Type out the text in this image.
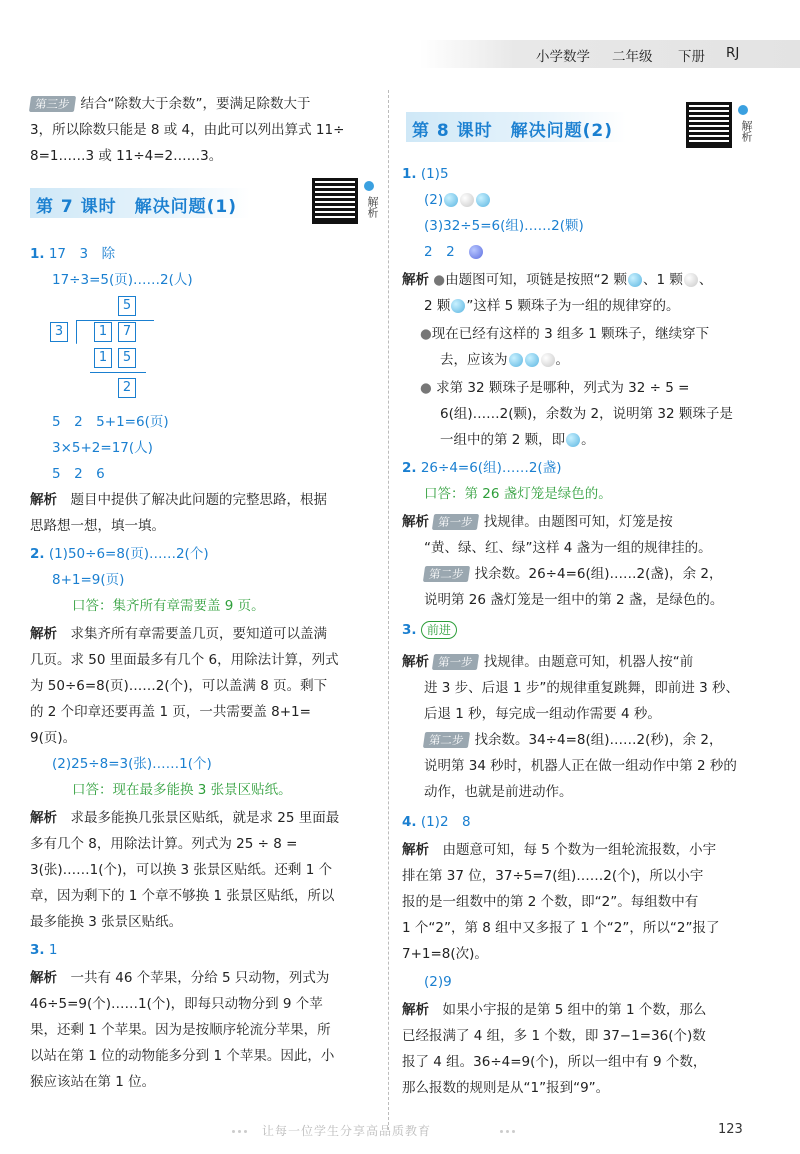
小学数学 二年级 下册 RJ
第三步 结合“除数大于余数”，要满足除数大于
3，所以除数只能是 8 或 4，由此可以列出算式 11÷
8=1……3 或 11÷4=2……3。
第 7 课时　解决问题(1)	解析
1. 17　3　除
17÷3=5(页)……2(人)
5
3	1	7
1	5
2
5　2　5+1=6(页)
3×5+2=17(人)
5　2　6
解析　 题目中提供了解决此问题的完整思路，根据
思路想一想，填一填。
2. (1)50÷6=8(页)……2(个)
8+1=9(页)
口答：集齐所有章需要盖 9 页。
解析　 求集齐所有章需要盖几页，要知道可以盖满
几页。求 50 里面最多有几个 6，用除法计算，列式
为 50÷6=8(页)……2(个)，可以盖满 8 页。剩下
的 2 个印章还要再盖 1 页，一共需要盖 8+1=
9(页)。
(2)25÷8=3(张)……1(个)
口答：现在最多能换 3 张景区贴纸。
解析　 求最多能换几张景区贴纸，就是求 25 里面最
多有几个 8，用除法计算。列式为 25 ÷ 8 =
3(张)……1(个)，可以换 3 张景区贴纸。还剩 1 个
章，因为剩下的 1 个章不够换 1 张景区贴纸，所以
最多能换 3 张景区贴纸。
3. 1
解析　 一共有 46 个苹果，分给 5 只动物，列式为
46÷5=9(个)……1(个)，即每只动物分到 9 个苹
果，还剩 1 个苹果。因为是按顺序轮流分苹果，所
以站在第 1 位的动物能多分到 1 个苹果。因此，小
猴应该站在第 1 位。
第 8 课时　解决问题(2)	解析
1. (1)5
(2)
(3)32÷5=6(组)……2(颗)
2　2　
解析 ●由题图可知，项链是按照“2 颗 、1 颗 、
2 颗 ”这样 5 颗珠子为一组的规律穿的。
●现在已经有这样的 3 组多 1 颗珠子，继续穿下
去，应该为	。
● 求第 32 颗珠子是哪种，列式为 32 ÷ 5 =
6(组)……2(颗)，余数为 2，说明第 32 颗珠子是
一组中的第 2 颗，即 。
2. 26÷4=6(组)……2(盏)
口答：第 26 盏灯笼是绿色的。
解析 第一步 找规律。由题图可知，灯笼是按
“黄、绿、红、绿”这样 4 盏为一组的规律挂的。
第二步 找余数。26÷4=6(组)……2(盏)，余 2，
说明第 26 盏灯笼是一组中的第 2 盏，是绿色的。
3. 前进
解析 第一步 找规律。由题意可知，机器人按“前
进 3 步、后退 1 步”的规律重复跳舞，即前进 3 秒、
后退 1 秒，每完成一组动作需要 4 秒。
第二步 找余数。34÷4=8(组)……2(秒)，余 2，
说明第 34 秒时，机器人正在做一组动作中第 2 秒的
动作，也就是前进动作。
4. (1)2　8
解析　 由题意可知，每 5 个数为一组轮流报数，小宇
排在第 37 位，37÷5=7(组)……2(个)，所以小宇
报的是一组数中的第 2 个数，即“2”。每组数中有
1 个“2”，第 8 组中又多报了 1 个“2”，所以“2”报了
7+1=8(次)。
(2)9
解析　 如果小宇报的是第 5 组中的第 1 个数，那么
已经报满了 4 组，多 1 个数，即 37−1=36(个)数
报了 4 组。36÷4=9(个)，所以一组中有 9 个数，
那么报数的规则是从“1”报到“9”。
让每一位学生分享高品质教育	123
